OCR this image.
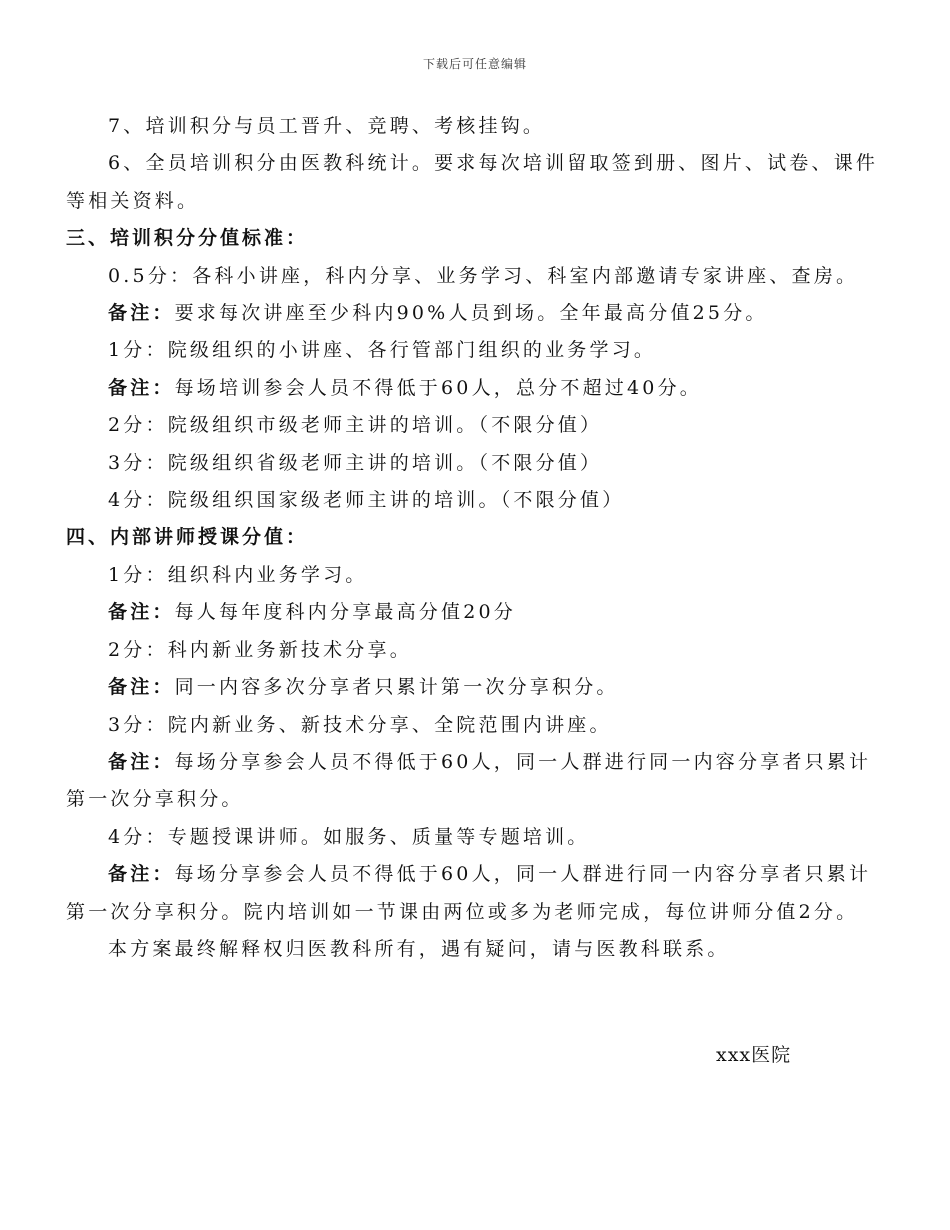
下载后可任意编辑

7、培训积分与员工晋升、竞聘、考核挂钩。

6、全员培训积分由医教科统计。要求每次培训留取签到册、图片、试卷、课件等相关资料。

三、培训积分分值标准：

0.5分：各科小讲座，科内分享、业务学习、科室内部邀请专家讲座、查房。

备注：要求每次讲座至少科内90%人员到场。全年最高分值25分。

1分：院级组织的小讲座、各行管部门组织的业务学习。

备注：每场培训参会人员不得低于60人，总分不超过40分。

2分：院级组织市级老师主讲的培训。（不限分值）

3分：院级组织省级老师主讲的培训。（不限分值）

4分：院级组织国家级老师主讲的培训。（不限分值）

四、内部讲师授课分值：

1分：组织科内业务学习。

备注：每人每年度科内分享最高分值20分

2分：科内新业务新技术分享。

备注：同一内容多次分享者只累计第一次分享积分。

3分：院内新业务、新技术分享、全院范围内讲座。

备注：每场分享参会人员不得低于60人，同一人群进行同一内容分享者只累计第一次分享积分。

4分：专题授课讲师。如服务、质量等专题培训。

备注：每场分享参会人员不得低于60人，同一人群进行同一内容分享者只累计第一次分享积分。院内培训如一节课由两位或多为老师完成，每位讲师分值2分。

本方案最终解释权归医教科所有，遇有疑问，请与医教科联系。

xxx医院
